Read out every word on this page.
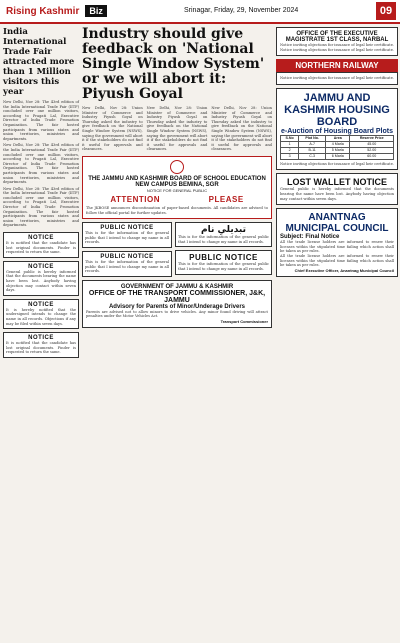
Rising Kashmir	Biz	Srinagar, Friday, 29, November 2024	09
India International Trade Fair attracted more than 1 Million visitors this year
New Delhi, Nov 28: The 43rd edition of the India International Trade Fair (IITF) concluded over one million visitors, according to Pragati Lal, Executive Director of India Trade Promotion Organisation. The fair hosted participants from various states and union territories, ministries and departments.
New Delhi, Nov 28: The 43rd edition of the India International Trade Fair (IITF) concluded over one million visitors, according to Pragati Lal, Executive Director of India Trade Promotion Organisation. The fair hosted participants from various states and union territories, ministries and departments.
New Delhi, Nov 28: The 43rd edition of the India International Trade Fair (IITF) concluded over one million visitors, according to Pragati Lal, Executive Director of India Trade Promotion Organisation. The fair hosted participants from various states and union territories, ministries and departments.
NOTICE
It is notified that the candidate has lost original documents. Finder is requested to return the same.
NOTICE
General public is hereby informed that the documents bearing the name have been lost. Anybody having objection may contact within seven days.
NOTICE
It is hereby notified that the undersigned intends to change the name in all records. Objections if any may be filed within seven days.
NOTICE
It is notified that the candidate has lost original documents. Finder is requested to return the same.
Industry should give feedback on 'National Single Window System' or we will abort it: Piyush Goyal
New Delhi, Nov 28: Union Minister of Commerce and Industry Piyush Goyal on Thursday asked the industry to give feedback on the National Single Window System (NSWS), saying the government will abort it if the stakeholders do not find it useful for approvals and clearances.
New Delhi, Nov 28: Union Minister of Commerce and Industry Piyush Goyal on Thursday asked the industry to give feedback on the National Single Window System (NSWS), saying the government will abort it if the stakeholders do not find it useful for approvals and clearances.
New Delhi, Nov 28: Union Minister of Commerce and Industry Piyush Goyal on Thursday asked the industry to give feedback on the National Single Window System (NSWS), saying the government will abort it if the stakeholders do not find it useful for approvals and clearances.
THE JAMMU AND KASHMIR BOARD OF SCHOOL EDUCATION NEW CAMPUS BEMINA, SGR
NOTICE FOR GENERAL PUBLIC
ATTENTION	PLEASE
The JKBOSE announces discontinuation of paper-based documents. All candidates are advised to follow the official portal for further updates.
PUBLIC NOTICE
This is for the information of the general public that I intend to change my name in all records.
PUBLIC NOTICE
This is for the information of the general public that I intend to change my name in all records.
تبدیلیِ نام
This is for the information of the general public that I intend to change my name in all records.
PUBLIC NOTICE
This is for the information of the general public that I intend to change my name in all records.
GOVERNMENT OF JAMMU & KASHMIR
OFFICE OF THE TRANSPORT COMMISSIONER, J&K, JAMMU
Advisory for Parents of Minor/Underage Drivers
Parents are advised not to allow minors to drive vehicles. Any minor found driving will attract penalties under the Motor Vehicles Act.
Transport Commissioner
OFFICE OF THE EXECUTIVE MAGISTRATE 1ST CLASS, NARBAL
Notice inviting objections for issuance of legal heir certificate.
Notice inviting objections for issuance of legal heir certificate.
NORTHERN RAILWAY
Notice inviting objections for issuance of legal heir certificate.
JAMMU AND KASHMIR HOUSING BOARD
e-Auction of Housing Board Plots
S.No	Plot No.	Area	Reserve Price
1	A-7	4 Marla	45.00
2	B-11	5 Marla	52.00
3	C-3	6 Marla	60.00
Notice inviting objections for issuance of legal heir certificate.
LOST WALLET NOTICE
General public is hereby informed that the documents bearing the name have been lost. Anybody having objection may contact within seven days.
ANANTNAG MUNICIPAL COUNCIL
Subject: Final Notice
All the trade license holders are informed to renew their licenses within the stipulated time failing which action shall be taken as per rules.
All the trade license holders are informed to renew their licenses within the stipulated time failing which action shall be taken as per rules.
Chief Executive Officer, Anantnag Municipal Council
